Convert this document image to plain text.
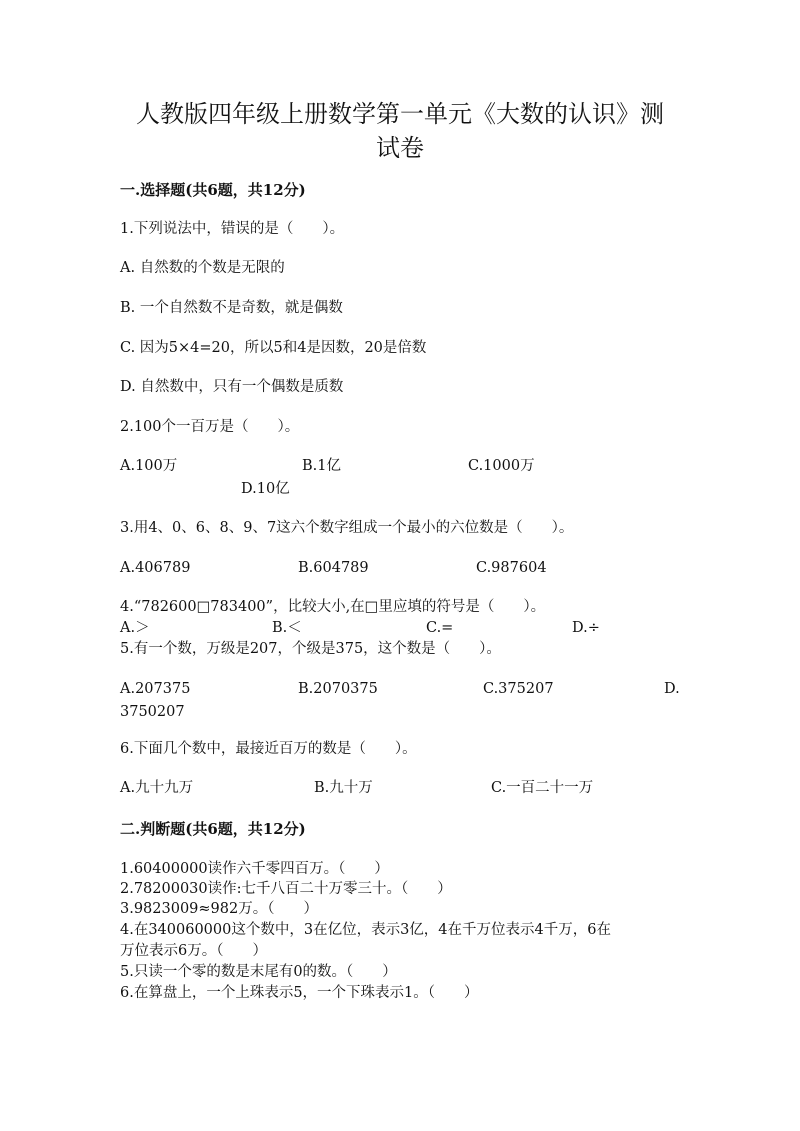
人教版四年级上册数学第一单元《大数的认识》测
试卷
一.选择题(共6题，共12分)
1.下列说法中，错误的是（　　）。
A. 自然数的个数是无限的
B. 一个自然数不是奇数，就是偶数
C. 因为5×4=20，所以5和4是因数，20是倍数
D. 自然数中，只有一个偶数是质数
2.100个一百万是（　　）。
A.100万	B.1亿	C.1000万
D.10亿
3.用4、0、6、8、9、7这六个数字组成一个最小的六位数是（　　）。
A.406789	B.604789	C.987604
4.“782600□783400”，比较大小,在□里应填的符号是（　　）。
A.＞	B.＜	C.=	D.÷
5.有一个数，万级是207，个级是375，这个数是（　　）。
A.207375	B.2070375	C.375207	D.
3750207
6.下面几个数中，最接近百万的数是（　　）。
A.九十九万	B.九十万	C.一百二十一万
二.判断题(共6题，共12分)
1.60400000读作六千零四百万。（　　）
2.78200030读作:七千八百二十万零三十。（　　）
3.9823009≈982万。（　　）
4.在340060000这个数中，3在亿位，表示3亿，4在千万位表示4千万，6在
万位表示6万。（　　）
5.只读一个零的数是末尾有0的数。（　　）
6.在算盘上，一个上珠表示5，一个下珠表示1。（　　）
